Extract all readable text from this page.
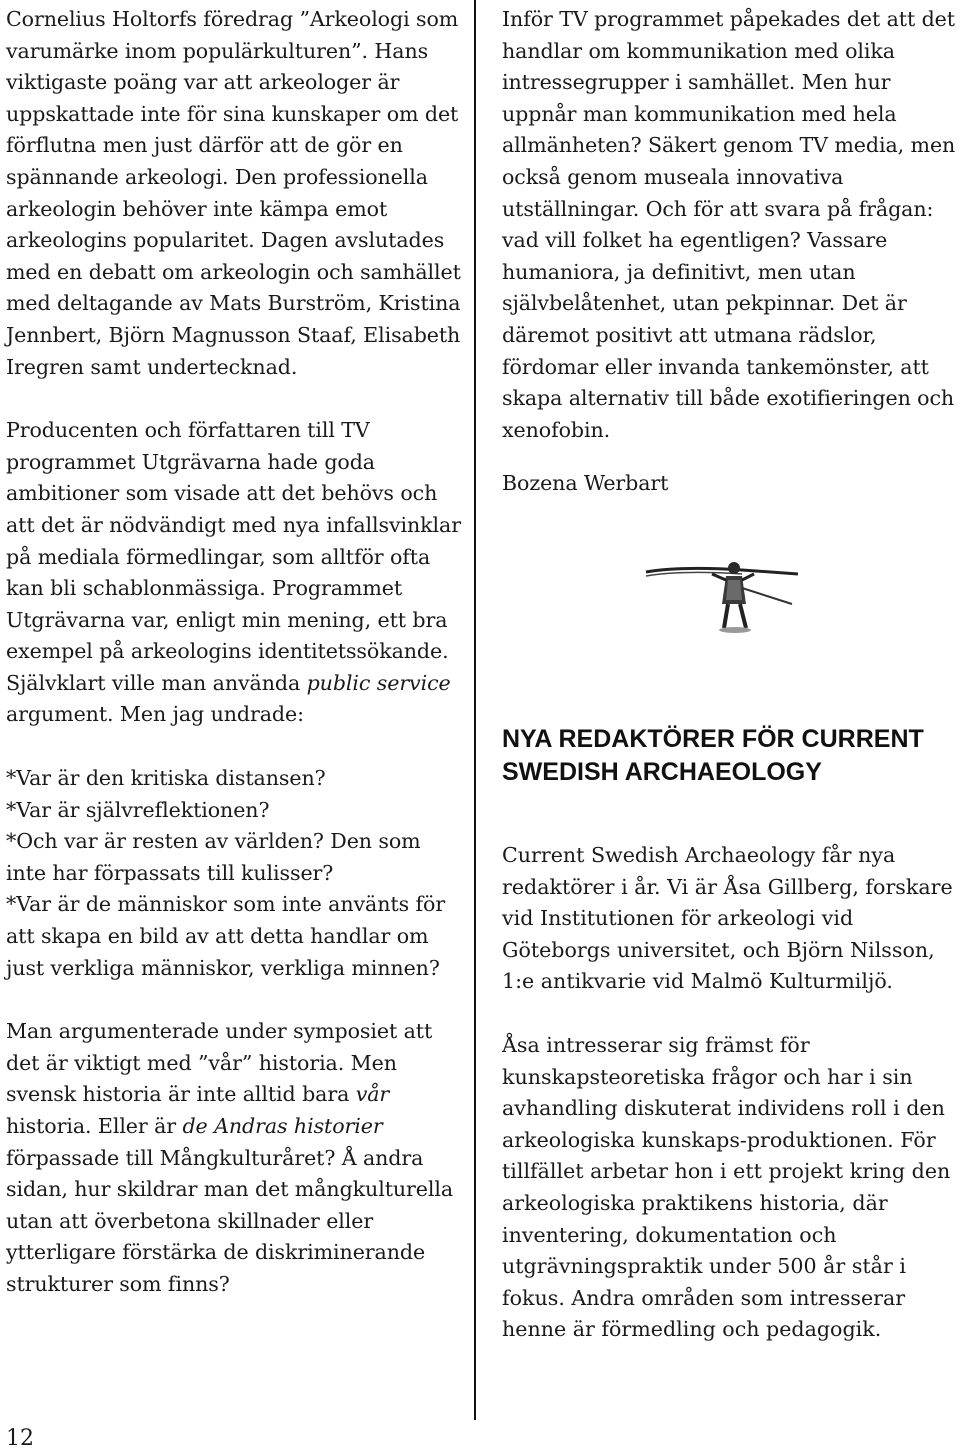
Cornelius Holtorfs föredrag ”Arkeologi som varumärke inom populärkulturen”. Hans viktigaste poäng var att arkeologer är uppskattade inte för sina kunskaper om det förflutna men just därför att de gör en spännande arkeologi. Den professionella arkeologin behöver inte kämpa emot arkeologins popularitet. Dagen avslutades med en debatt om arkeologin och samhället med deltagande av Mats Burström, Kristina Jennbert, Björn Magnusson Staaf, Elisabeth Iregren samt undertecknad.

Producenten och författaren till TV programmet Utgrävarna hade goda ambitioner som visade att det behövs och att det är nödvändigt med nya infallsvinklar på mediala förmedlingar, som alltför ofta kan bli schablonmässiga. Programmet Utgrävarna var, enligt min mening, ett bra exempel på arkeologins identitetssökande. Självklart ville man använda public service argument. Men jag undrade:

*Var är den kritiska distansen?
*Var är självreflektionen?
*Och var är resten av världen? Den som inte har förpassats till kulisser?
*Var är de människor som inte använts för att skapa en bild av att detta handlar om just verkliga människor, verkliga minnen?

Man argumenterade under symposiet att det är viktigt med ”vår” historia. Men svensk historia är inte alltid bara vår historia. Eller är de Andras historier förpassade till Mångkulturåret? Å andra sidan, hur skildrar man det mångkulturella utan att överbetona skillnader eller ytterligare förstärka de diskriminerande strukturer som finns?

Inför TV programmet påpekades det att det handlar om kommunikation med olika intressegrupper i samhället. Men hur uppnår man kommunikation med hela allmänheten? Säkert genom TV media, men också genom museala innovativa utställningar. Och för att svara på frågan: vad vill folket ha egentligen? Vassare humaniora, ja definitivt, men utan självbelåtenhet, utan pekpinnar. Det är däremot positivt att utmana rädslor, fördomar eller invanda tankemönster, att skapa alternativ till både exotifieringen och xenofobin.

Bozena Werbart

NYA REDAKTÖRER FÖR CURRENT SWEDISH ARCHAEOLOGY

Current Swedish Archaeology får nya redaktörer i år. Vi är Åsa Gillberg, forskare vid Institutionen för arkeologi vid Göteborgs universitet, och Björn Nilsson, 1:e antikvarie vid Malmö Kulturmiljö.

Åsa intresserar sig främst för kunskapsteoretiska frågor och har i sin avhandling diskuterat individens roll i den arkeologiska kunskaps-produktionen. För tillfället arbetar hon i ett projekt kring den arkeologiska praktikens historia, där inventering, dokumentation och utgrävningspraktik under 500 år står i fokus. Andra områden som intresserar henne är förmedling och pedagogik.

12
